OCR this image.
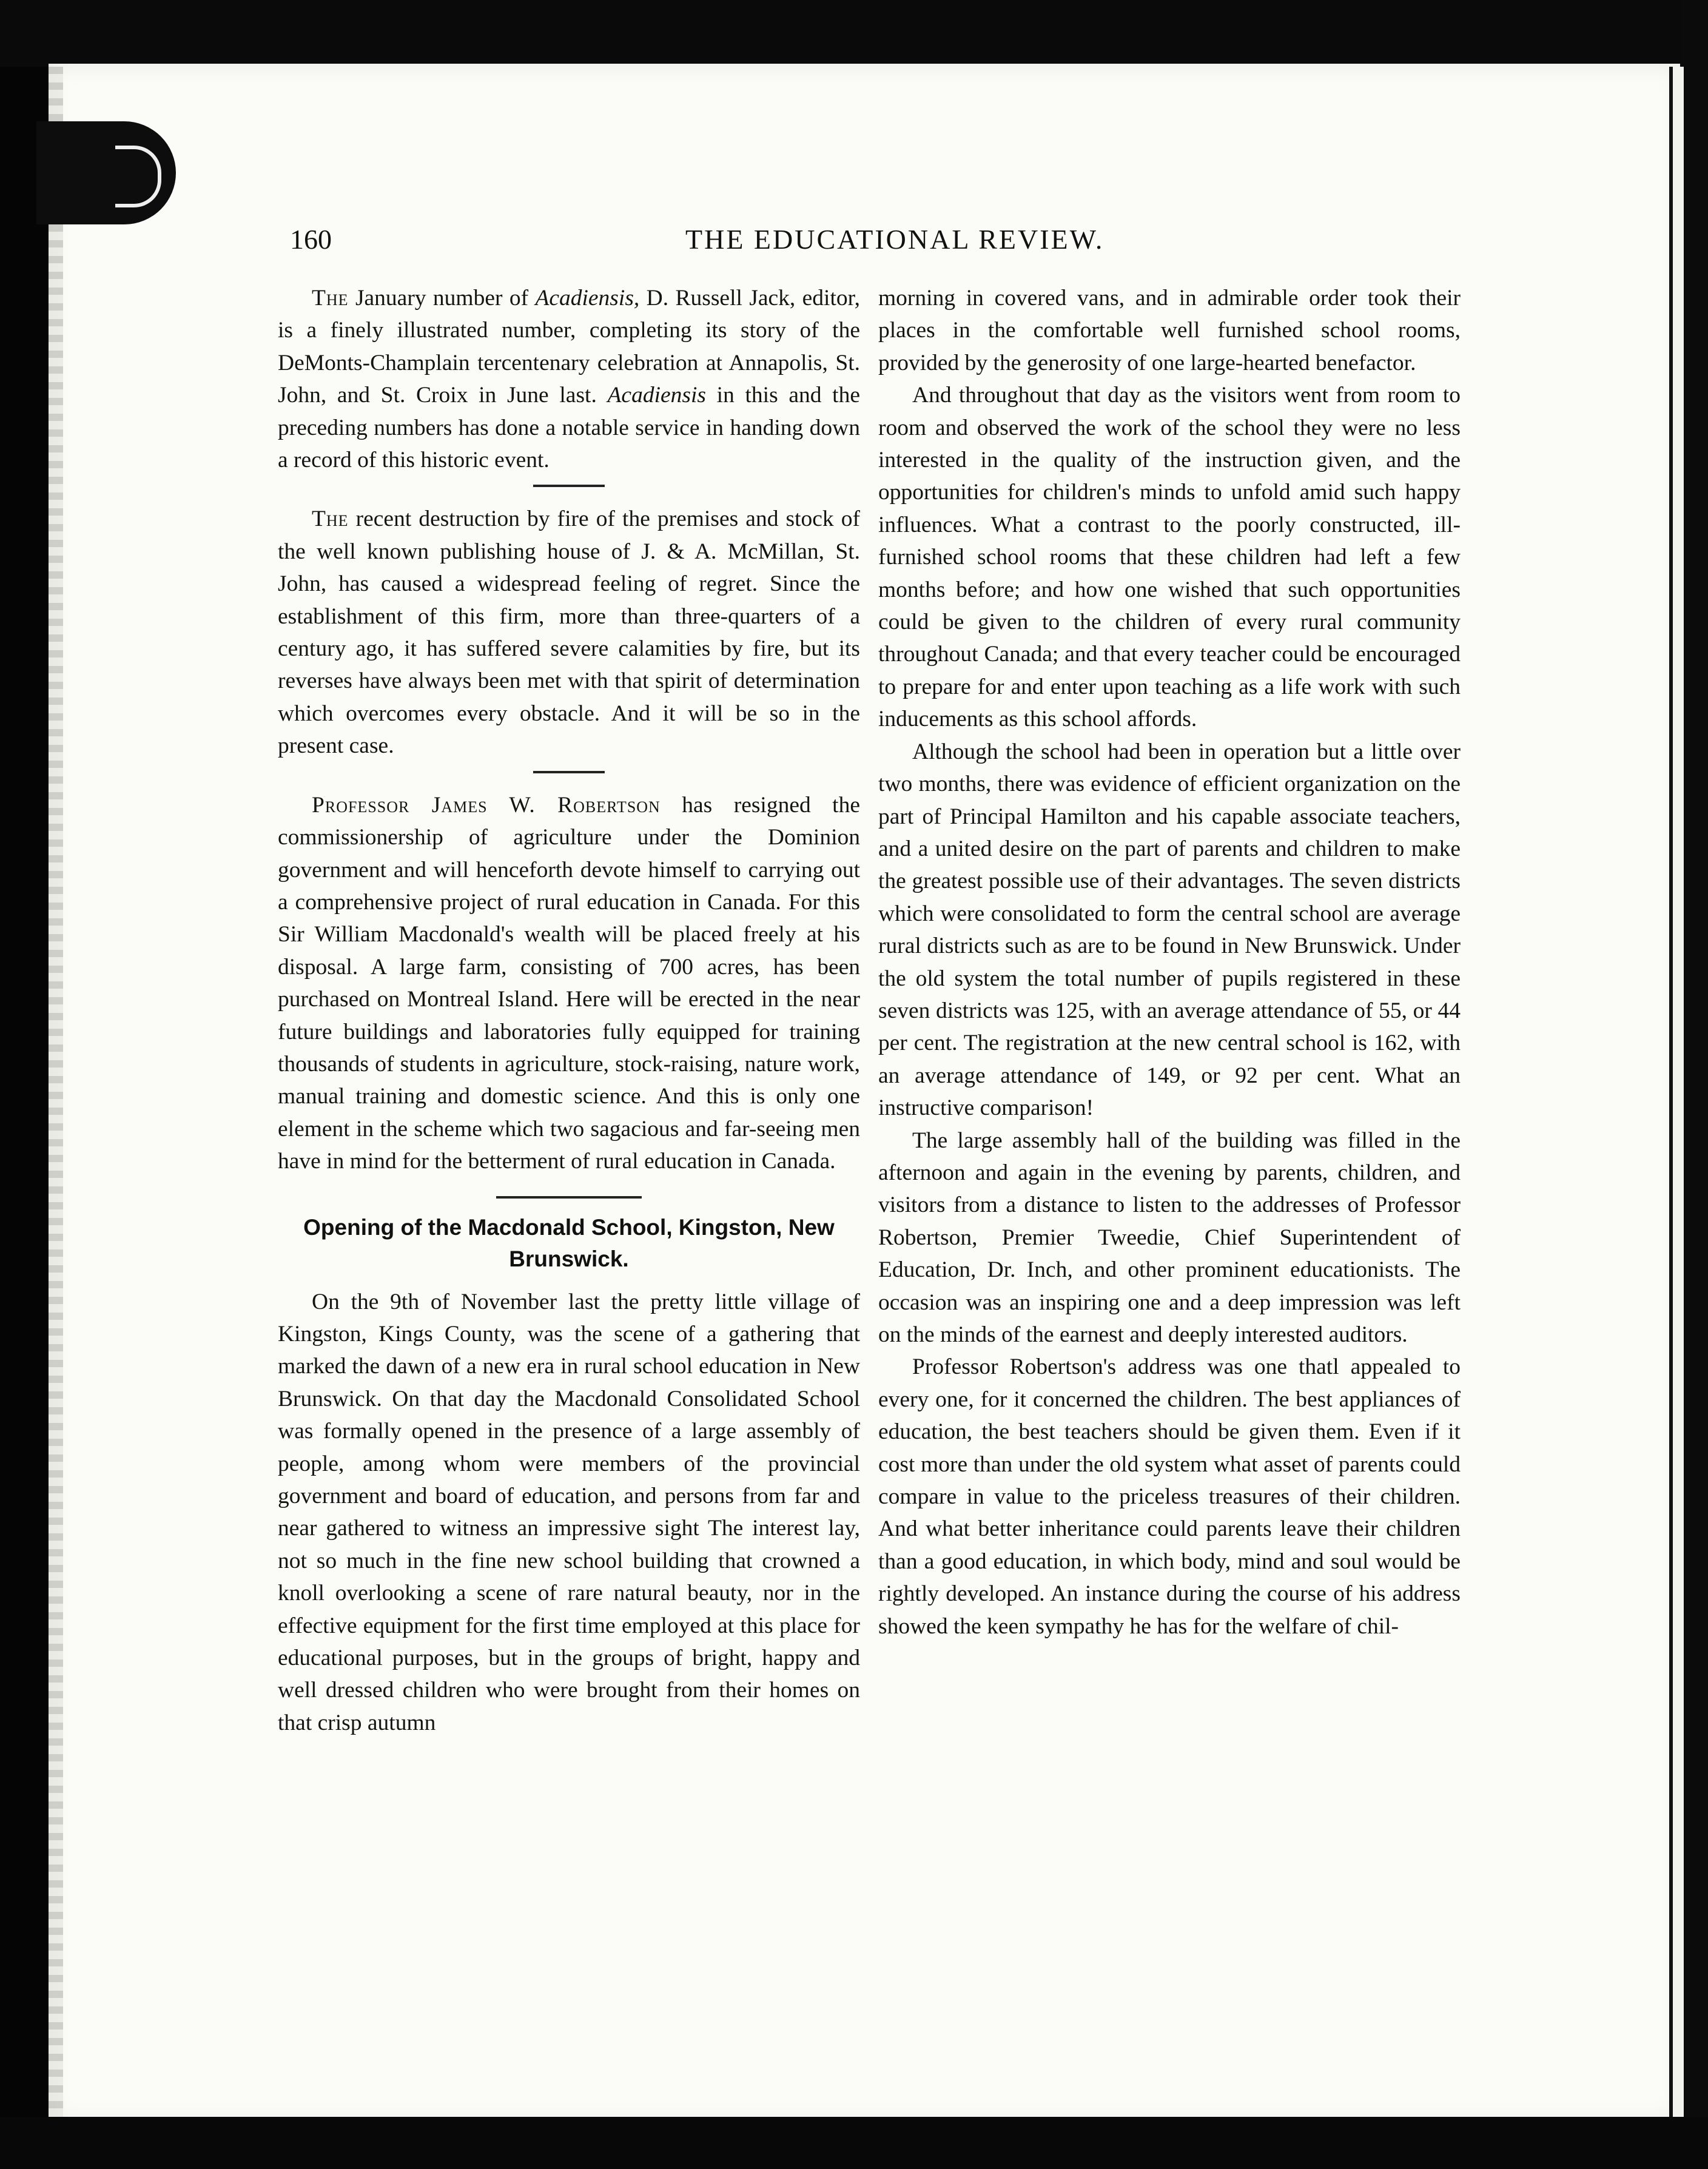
160	THE EDUCATIONAL REVIEW.

The January number of Acadiensis, D. Russell Jack, editor, is a finely illustrated number, completing its story of the DeMonts-Champlain tercentenary celebration at Annapolis, St. John, and St. Croix in June last. Acadiensis in this and the preceding numbers has done a notable service in handing down a record of this historic event.

The recent destruction by fire of the premises and stock of the well known publishing house of J. & A. McMillan, St. John, has caused a widespread feeling of regret. Since the establishment of this firm, more than three-quarters of a century ago, it has suffered severe calamities by fire, but its reverses have always been met with that spirit of determination which overcomes every obstacle. And it will be so in the present case.

Professor James W. Robertson has resigned the commissionership of agriculture under the Dominion government and will henceforth devote himself to carrying out a comprehensive project of rural education in Canada. For this Sir William Macdonald's wealth will be placed freely at his disposal. A large farm, consisting of 700 acres, has been purchased on Montreal Island. Here will be erected in the near future buildings and laboratories fully equipped for training thousands of students in agriculture, stock-raising, nature work, manual training and domestic science. And this is only one element in the scheme which two sagacious and far-seeing men have in mind for the betterment of rural education in Canada.

Opening of the Macdonald School, Kingston, New Brunswick.

On the 9th of November last the pretty little village of Kingston, Kings County, was the scene of a gathering that marked the dawn of a new era in rural school education in New Brunswick. On that day the Macdonald Consolidated School was formally opened in the presence of a large assembly of people, among whom were members of the provincial government and board of education, and persons from far and near gathered to witness an impressive sight The interest lay, not so much in the fine new school building that crowned a knoll overlooking a scene of rare natural beauty, nor in the effective equipment for the first time employed at this place for educational purposes, but in the groups of bright, happy and well dressed children who were brought from their homes on that crisp autumn

morning in covered vans, and in admirable order took their places in the comfortable well furnished school rooms, provided by the generosity of one large-hearted benefactor.

And throughout that day as the visitors went from room to room and observed the work of the school they were no less interested in the quality of the instruction given, and the opportunities for children's minds to unfold amid such happy influences. What a contrast to the poorly constructed, ill-furnished school rooms that these children had left a few months before; and how one wished that such opportunities could be given to the children of every rural community throughout Canada; and that every teacher could be encouraged to prepare for and enter upon teaching as a life work with such inducements as this school affords.

Although the school had been in operation but a little over two months, there was evidence of efficient organization on the part of Principal Hamilton and his capable associate teachers, and a united desire on the part of parents and children to make the greatest possible use of their advantages. The seven districts which were consolidated to form the central school are average rural districts such as are to be found in New Brunswick. Under the old system the total number of pupils registered in these seven districts was 125, with an average attendance of 55, or 44 per cent. The registration at the new central school is 162, with an average attendance of 149, or 92 per cent. What an instructive comparison!

The large assembly hall of the building was filled in the afternoon and again in the evening by parents, children, and visitors from a distance to listen to the addresses of Professor Robertson, Premier Tweedie, Chief Superintendent of Education, Dr. Inch, and other prominent educationists. The occasion was an inspiring one and a deep impression was left on the minds of the earnest and deeply interested auditors.

Professor Robertson's address was one thatl appealed to every one, for it concerned the children. The best appliances of education, the best teachers should be given them. Even if it cost more than under the old system what asset of parents could compare in value to the priceless treasures of their children. And what better inheritance could parents leave their children than a good education, in which body, mind and soul would be rightly developed. An instance during the course of his address showed the keen sympathy he has for the welfare of chil-
